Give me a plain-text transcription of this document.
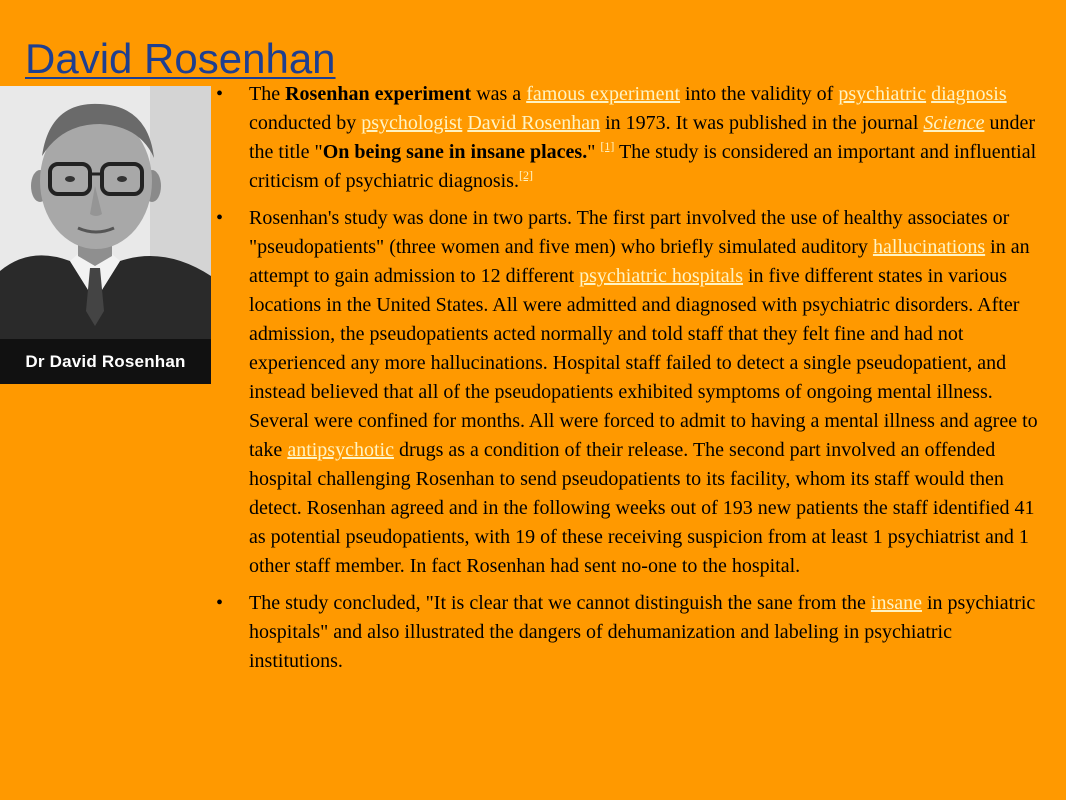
David Rosenhan
Dr David Rosenhan
• The Rosenhan experiment was a famous experiment into the validity of psychiatric diagnosis conducted by psychologist David Rosenhan in 1973. It was published in the journal Science under the title "On being sane in insane places." [1] The study is considered an important and influential criticism of psychiatric diagnosis.[2]
• Rosenhan's study was done in two parts. The first part involved the use of healthy associates or "pseudopatients" (three women and five men) who briefly simulated auditory hallucinations in an attempt to gain admission to 12 different psychiatric hospitals in five different states in various locations in the United States. All were admitted and diagnosed with psychiatric disorders. After admission, the pseudopatients acted normally and told staff that they felt fine and had not experienced any more hallucinations. Hospital staff failed to detect a single pseudopatient, and instead believed that all of the pseudopatients exhibited symptoms of ongoing mental illness. Several were confined for months. All were forced to admit to having a mental illness and agree to take antipsychotic drugs as a condition of their release. The second part involved an offended hospital challenging Rosenhan to send pseudopatients to its facility, whom its staff would then detect. Rosenhan agreed and in the following weeks out of 193 new patients the staff identified 41 as potential pseudopatients, with 19 of these receiving suspicion from at least 1 psychiatrist and 1 other staff member. In fact Rosenhan had sent no-one to the hospital.
• The study concluded, "It is clear that we cannot distinguish the sane from the insane in psychiatric hospitals" and also illustrated the dangers of dehumanization and labeling in psychiatric institutions.
